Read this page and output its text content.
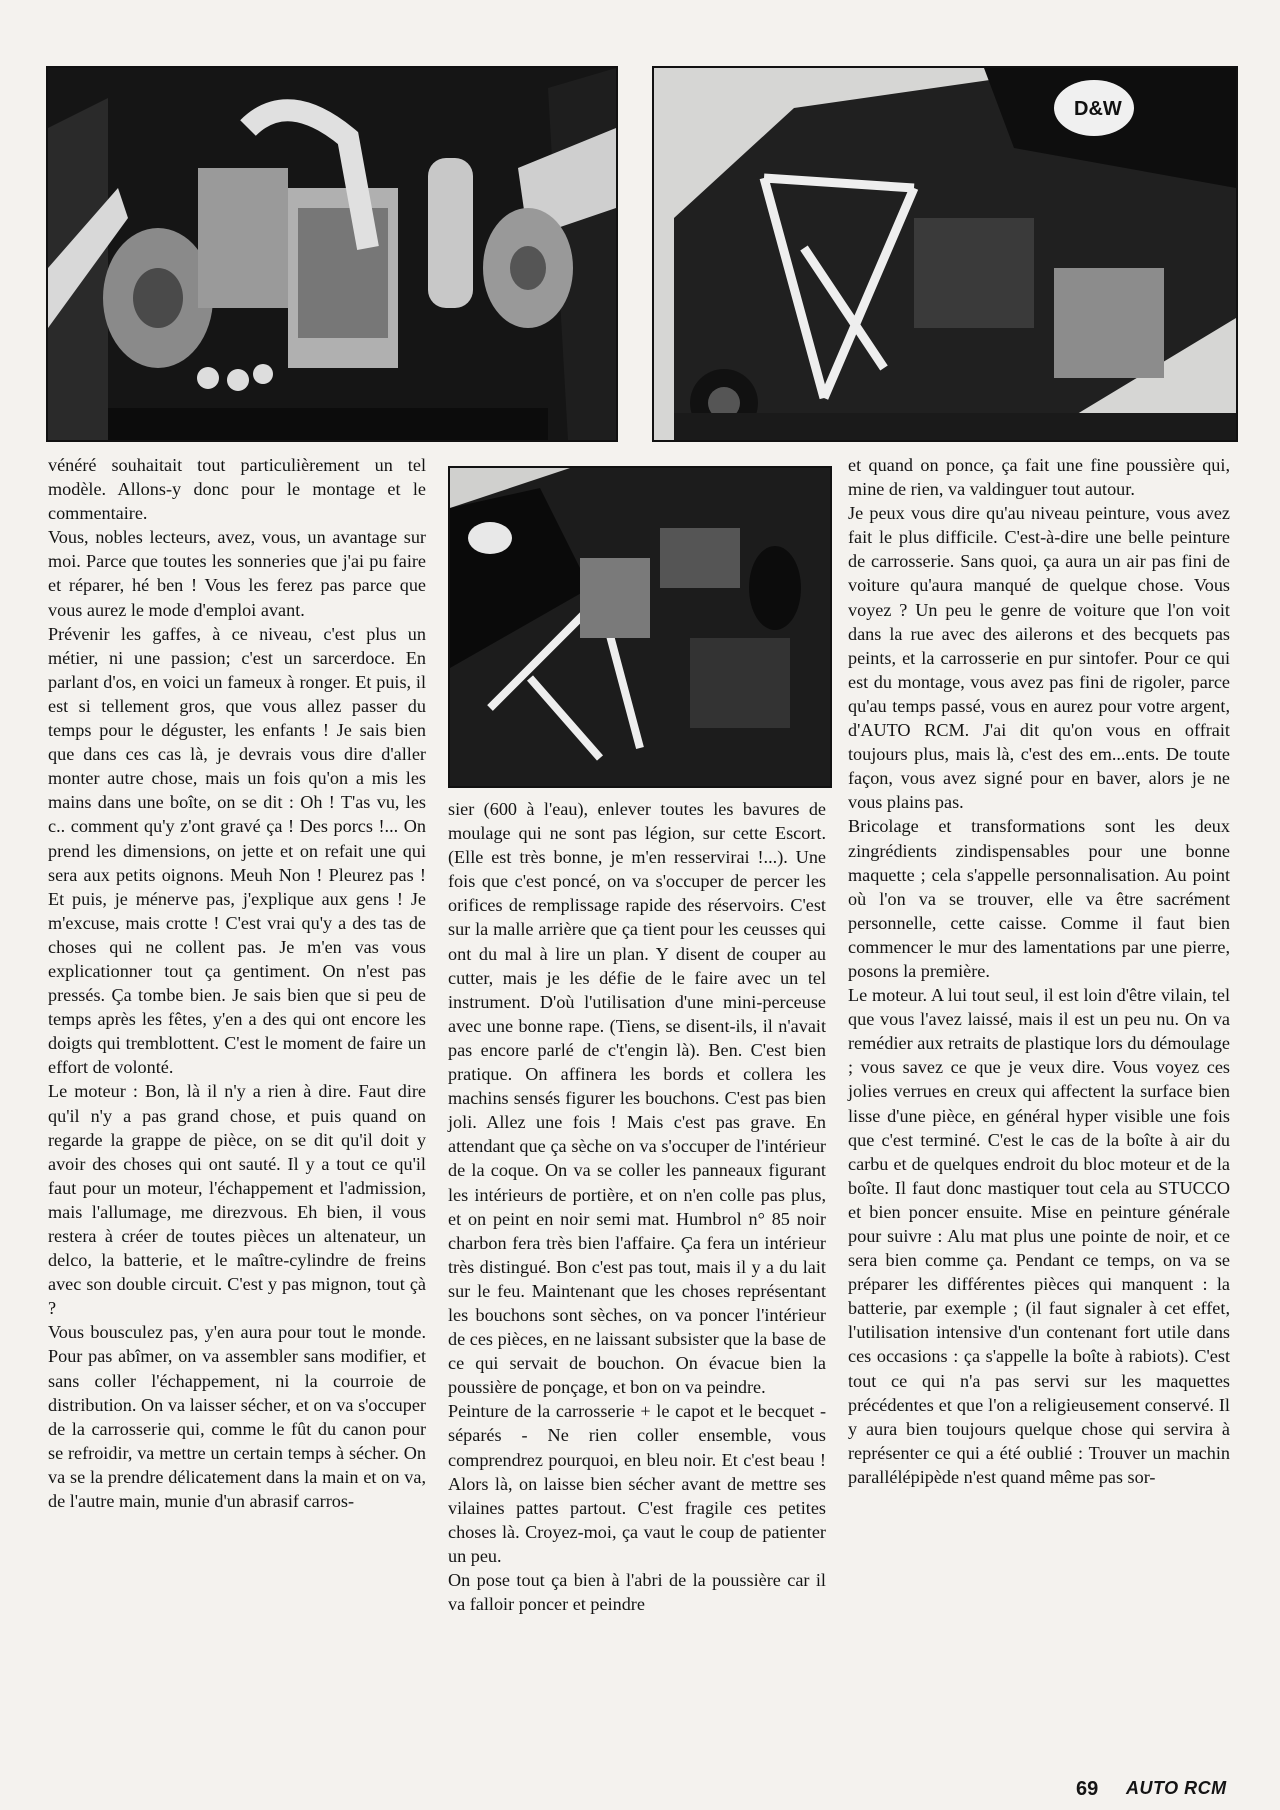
D&W

vénéré souhaitait tout particulièrement un tel modèle. Allons-y donc pour le montage et le commentaire.

Vous, nobles lecteurs, avez, vous, un avantage sur moi. Parce que toutes les sonneries que j'ai pu faire et réparer, hé ben ! Vous les ferez pas parce que vous aurez le mode d'emploi avant.

Prévenir les gaffes, à ce niveau, c'est plus un métier, ni une passion; c'est un sarcerdoce. En parlant d'os, en voici un fameux à ronger. Et puis, il est si tellement gros, que vous allez passer du temps pour le déguster, les enfants ! Je sais bien que dans ces cas là, je devrais vous dire d'aller monter autre chose, mais un fois qu'on a mis les mains dans une boîte, on se dit : Oh ! T'as vu, les c.. comment qu'y z'ont gravé ça ! Des porcs !... On prend les dimensions, on jette et on refait une qui sera aux petits oignons. Meuh Non ! Pleurez pas ! Et puis, je ménerve pas, j'explique aux gens ! Je m'excuse, mais crotte ! C'est vrai qu'y a des tas de choses qui ne collent pas. Je m'en vas vous explicationner tout ça gentiment. On n'est pas pressés. Ça tombe bien. Je sais bien que si peu de temps après les fêtes, y'en a des qui ont encore les doigts qui tremblottent. C'est le moment de faire un effort de volonté.

Le moteur : Bon, là il n'y a rien à dire. Faut dire qu'il n'y a pas grand chose, et puis quand on regarde la grappe de pièce, on se dit qu'il doit y avoir des choses qui ont sauté. Il y a tout ce qu'il faut pour un moteur, l'échappement et l'admission, mais l'allumage, me direzvous. Eh bien, il vous restera à créer de toutes pièces un altenateur, un delco, la batterie, et le maître-cylindre de freins avec son double circuit. C'est y pas mignon, tout çà ?

Vous bousculez pas, y'en aura pour tout le monde. Pour pas abîmer, on va assembler sans modifier, et sans coller l'échappement, ni la courroie de distribution. On va laisser sécher, et on va s'occuper de la carrosserie qui, comme le fût du canon pour se refroidir, va mettre un certain temps à sécher. On va se la prendre délicatement dans la main et on va, de l'autre main, munie d'un abrasif carros-

sier (600 à l'eau), enlever toutes les bavures de moulage qui ne sont pas légion, sur cette Escort. (Elle est très bonne, je m'en resservirai !...). Une fois que c'est poncé, on va s'occuper de percer les orifices de remplissage rapide des réservoirs. C'est sur la malle arrière que ça tient pour les ceusses qui ont du mal à lire un plan. Y disent de couper au cutter, mais je les défie de le faire avec un tel instrument. D'où l'utilisation d'une mini-perceuse avec une bonne rape. (Tiens, se disent-ils, il n'avait pas encore parlé de c't'engin là). Ben. C'est bien pratique. On affinera les bords et collera les machins sensés figurer les bouchons. C'est pas bien joli. Allez une fois ! Mais c'est pas grave. En attendant que ça sèche on va s'occuper de l'intérieur de la coque. On va se coller les panneaux figurant les intérieurs de portière, et on n'en colle pas plus, et on peint en noir semi mat. Humbrol n° 85 noir charbon fera très bien l'affaire. Ça fera un intérieur très distingué. Bon c'est pas tout, mais il y a du lait sur le feu. Maintenant que les choses représentant les bouchons sont sèches, on va poncer l'intérieur de ces pièces, en ne laissant subsister que la base de ce qui servait de bouchon. On évacue bien la poussière de ponçage, et bon on va peindre.

Peinture de la carrosserie + le capot et le becquet - séparés - Ne rien coller ensemble, vous comprendrez pourquoi, en bleu noir. Et c'est beau ! Alors là, on laisse bien sécher avant de mettre ses vilaines pattes partout. C'est fragile ces petites choses là. Croyez-moi, ça vaut le coup de patienter un peu.

On pose tout ça bien à l'abri de la poussière car il va falloir poncer et peindre

et quand on ponce, ça fait une fine poussière qui, mine de rien, va valdinguer tout autour.

Je peux vous dire qu'au niveau peinture, vous avez fait le plus difficile. C'est-à-dire une belle peinture de carrosserie. Sans quoi, ça aura un air pas fini de voiture qu'aura manqué de quelque chose. Vous voyez ? Un peu le genre de voiture que l'on voit dans la rue avec des ailerons et des becquets pas peints, et la carrosserie en pur sintofer. Pour ce qui est du montage, vous avez pas fini de rigoler, parce qu'au temps passé, vous en aurez pour votre argent, d'AUTO RCM. J'ai dit qu'on vous en offrait toujours plus, mais là, c'est des em...ents. De toute façon, vous avez signé pour en baver, alors je ne vous plains pas.

Bricolage et transformations sont les deux zingrédients zindispensables pour une bonne maquette ; cela s'appelle personnalisation. Au point où l'on va se trouver, elle va être sacrément personnelle, cette caisse. Comme il faut bien commencer le mur des lamentations par une pierre, posons la première.

Le moteur. A lui tout seul, il est loin d'être vilain, tel que vous l'avez laissé, mais il est un peu nu. On va remédier aux retraits de plastique lors du démoulage ; vous savez ce que je veux dire. Vous voyez ces jolies verrues en creux qui affectent la surface bien lisse d'une pièce, en général hyper visible une fois que c'est terminé. C'est le cas de la boîte à air du carbu et de quelques endroit du bloc moteur et de la boîte. Il faut donc mastiquer tout cela au STUCCO et bien poncer ensuite. Mise en peinture générale pour suivre : Alu mat plus une pointe de noir, et ce sera bien comme ça. Pendant ce temps, on va se préparer les différentes pièces qui manquent : la batterie, par exemple ; (il faut signaler à cet effet, l'utilisation intensive d'un contenant fort utile dans ces occasions : ça s'appelle la boîte à rabiots). C'est tout ce qui n'a pas servi sur les maquettes précédentes et que l'on a religieusement conservé. Il y aura bien toujours quelque chose qui servira à représenter ce qui a été oublié : Trouver un machin parallélépipède n'est quand même pas sor-

69 AUTO RCM
